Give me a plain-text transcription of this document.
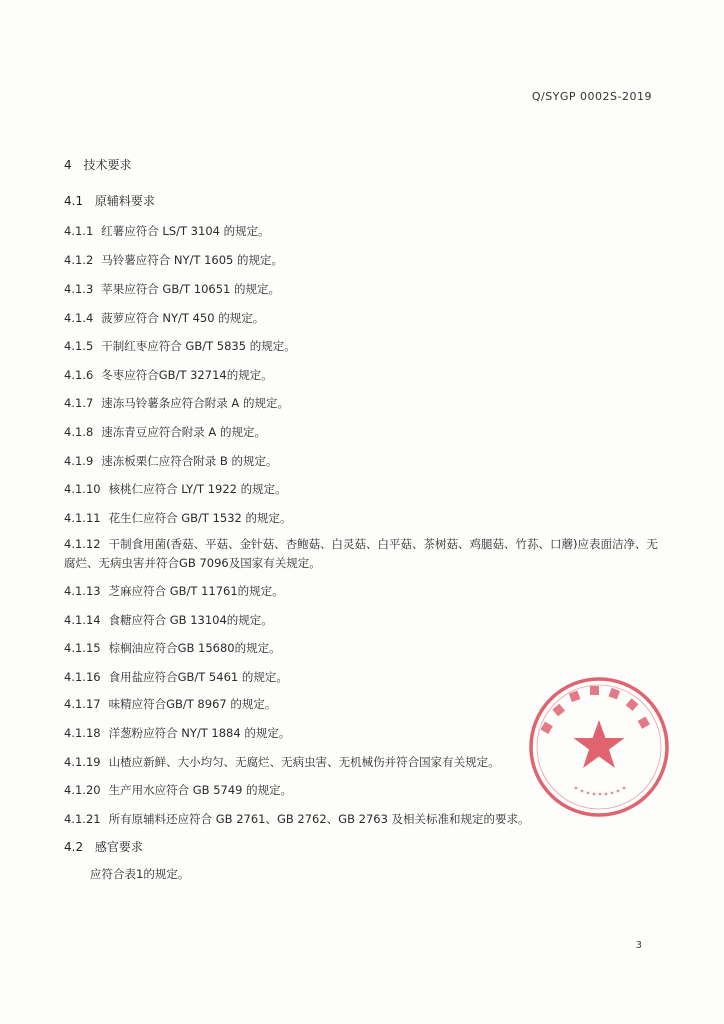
Q/SYGP 0002S-2019
4 技术要求
4.1 原辅料要求
4.1.1 红薯应符合 LS/T 3104 的规定。
4.1.2 马铃薯应符合 NY/T 1605 的规定。
4.1.3 苹果应符合 GB/T 10651 的规定。
4.1.4 菠萝应符合 NY/T 450 的规定。
4.1.5 干制红枣应符合 GB/T 5835 的规定。
4.1.6 冬枣应符合GB/T 32714的规定。
4.1.7 速冻马铃薯条应符合附录 A 的规定。
4.1.8 速冻青豆应符合附录 A 的规定。
4.1.9 速冻板栗仁应符合附录 B 的规定。
4.1.10 核桃仁应符合 LY/T 1922 的规定。
4.1.11 花生仁应符合 GB/T 1532 的规定。
4.1.12 干制食用菌(香菇、平菇、金针菇、杏鲍菇、白灵菇、白平菇、茶树菇、鸡腿菇、竹荪、口蘑)应表面洁净、无腐烂、无病虫害并符合GB 7096及国家有关规定。
4.1.13 芝麻应符合 GB/T 11761的规定。
4.1.14 食糖应符合 GB 13104的规定。
4.1.15 棕榈油应符合GB 15680的规定。
4.1.16 食用盐应符合GB/T 5461 的规定。
4.1.17 味精应符合GB/T 8967 的规定。
4.1.18 洋葱粉应符合 NY/T 1884 的规定。
4.1.19 山楂应新鲜、大小均匀、无腐烂、无病虫害、无机械伤并符合国家有关规定。
4.1.20 生产用水应符合 GB 5749 的规定。
4.1.21 所有原辅料还应符合 GB 2761、GB 2762、GB 2763 及相关标准和规定的要求。
4.2 感官要求
应符合表1的规定。
3
